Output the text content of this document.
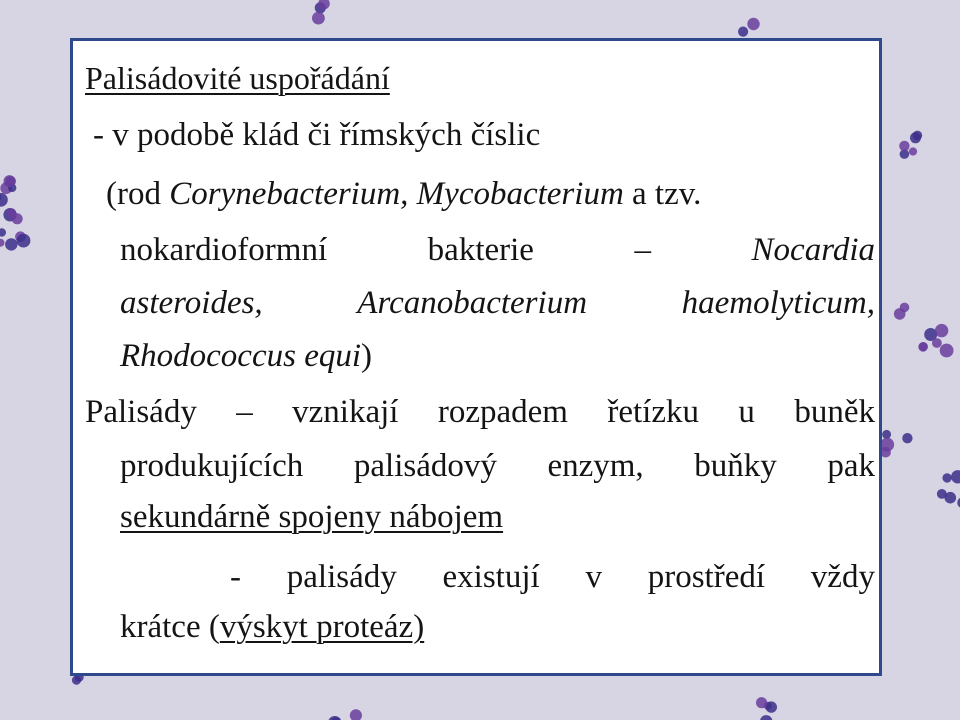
Palisádovité uspořádání
- v podobě klád či římských číslic
(rod Corynebacterium, Mycobacterium a tzv.
nokardioformní	bakterie	–	Nocardia
asteroides,	Arcanobacterium	haemolyticum,
Rhodococcus equi)
Palisády – vznikají rozpadem řetízku u buněk
produkujících palisádový enzym, buňky pak
sekundárně spojeny nábojem
- palisády existují v prostředí vždy
krátce (výskyt proteáz)
